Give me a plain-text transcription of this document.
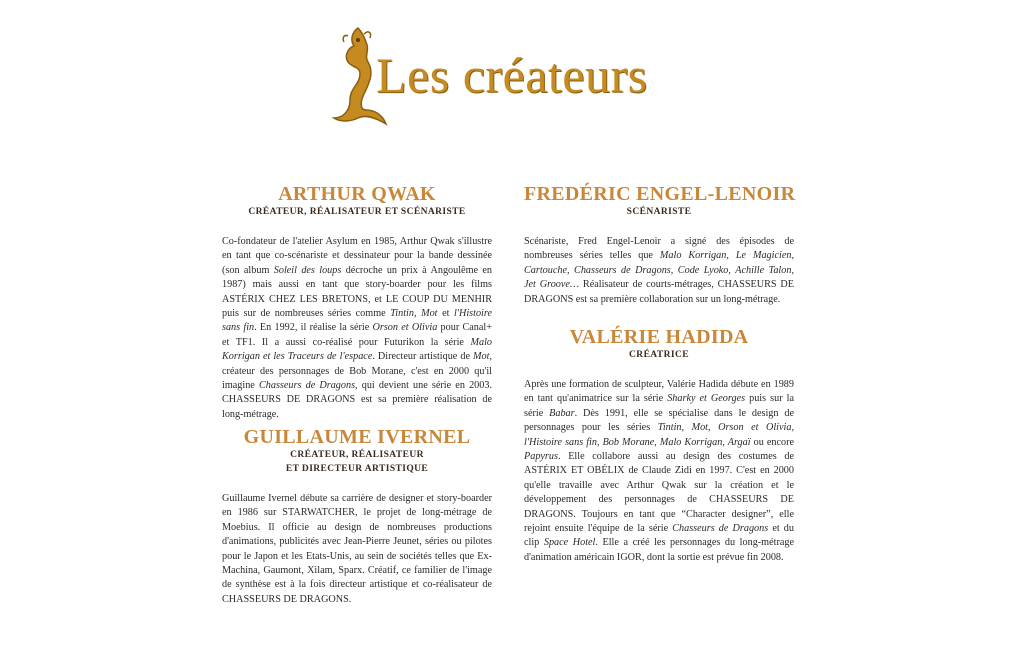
Les créateurs
ARTHUR QWAK
CRÉATEUR, RÉALISATEUR ET SCÉNARISTE

Co-fondateur de l'atelier Asylum en 1985, Arthur Qwak s'illustre en tant que co-scénariste et dessinateur pour la bande dessinée (son album Soleil des loups décroche un prix à Angoulême en 1987) mais aussi en tant que story-boarder pour les films ASTÉRIX CHEZ LES BRETONS, et LE COUP DU MENHIR puis sur de nombreuses séries comme Tintin, Mot et l'Histoire sans fin. En 1992, il réalise la série Orson et Olivia pour Canal+ et TF1. Il a aussi co-réalisé pour Futurikon la série Malo Korrigan et les Traceurs de l'espace. Directeur artistique de Mot, créateur des personnages de Bob Morane, c'est en 2000 qu'il imagine Chasseurs de Dragons, qui devient une série en 2003. CHASSEURS DE DRAGONS est sa première réalisation de long-métrage.

GUILLAUME IVERNEL
CRÉATEUR, RÉALISATEUR
ET DIRECTEUR ARTISTIQUE

Guillaume Ivernel débute sa carrière de designer et story-boarder en 1986 sur STARWATCHER, le projet de long-métrage de Moebius. Il officie au design de nombreuses productions d'animations, publicités avec Jean-Pierre Jeunet, séries ou pilotes pour le Japon et les Etats-Unis, au sein de sociétés telles que Ex-Machina, Gaumont, Xilam, Sparx. Créatif, ce familier de l'image de synthèse est à la fois directeur artistique et co-réalisateur de CHASSEURS DE DRAGONS.

FREDÉRIC ENGEL-LENOIR
SCÉNARISTE

Scénariste, Fred Engel-Lenoir a signé des épisodes de nombreuses séries telles que Malo Korrigan, Le Magicien, Cartouche, Chasseurs de Dragons, Code Lyoko, Achille Talon, Jet Groove… Réalisateur de courts-métrages, CHASSEURS DE DRAGONS est sa première collaboration sur un long-métrage.

VALÉRIE HADIDA
CRÉATRICE

Après une formation de sculpteur, Valérie Hadida débute en 1989 en tant qu'animatrice sur la série Sharky et Georges puis sur la série Babar. Dès 1991, elle se spécialise dans le design de personnages pour les séries Tintin, Mot, Orson et Olivia, l'Histoire sans fin, Bob Morane, Malo Korrigan, Argaï ou encore Papyrus. Elle collabore aussi au design des costumes de ASTÉRIX ET OBÉLIX de Claude Zidi en 1997. C'est en 2000 qu'elle travaille avec Arthur Qwak sur la création et le développement des personnages de CHASSEURS DE DRAGONS. Toujours en tant que “Character designer”, elle rejoint ensuite l'équipe de la série Chasseurs de Dragons et du clip Space Hotel. Elle a créé les personnages du long-métrage d'animation américain IGOR, dont la sortie est prévue fin 2008.
